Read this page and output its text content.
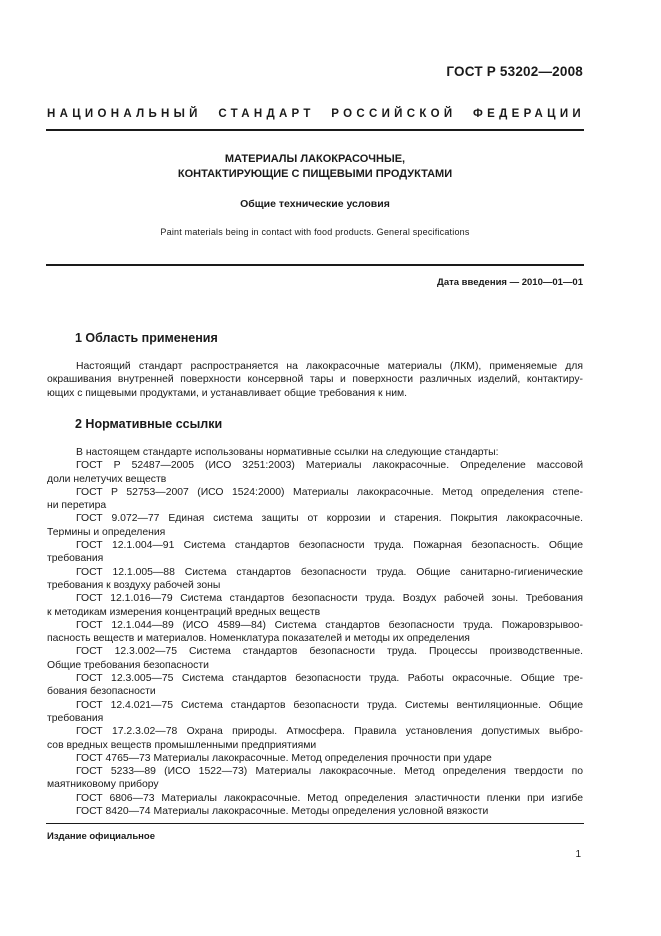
ГОСТ Р 53202—2008
НАЦИОНАЛЬНЫЙ СТАНДАРТ РОССИЙСКОЙ ФЕДЕРАЦИИ
МАТЕРИАЛЫ ЛАКОКРАСОЧНЫЕ,
КОНТАКТИРУЮЩИЕ С ПИЩЕВЫМИ ПРОДУКТАМИ
Общие технические условия
Paint materials being in contact with food products. General specifications
Дата введения — 2010—01—01
1 Область применения
Настоящий стандарт распространяется на лакокрасочные материалы (ЛКМ), применяемые для
окрашивания внутренней поверхности консервной тары и поверхности различных изделий, контактиру-
ющих с пищевыми продуктами, и устанавливает общие требования к ним.
2 Нормативные ссылки
В настоящем стандарте использованы нормативные ссылки на следующие стандарты:
ГОСТ Р 52487—2005 (ИСО 3251:2003) Материалы лакокрасочные. Определение массовой
доли нелетучих веществ
ГОСТ Р 52753—2007 (ИСО 1524:2000) Материалы лакокрасочные. Метод определения степе-
ни перетира
ГОСТ 9.072—77 Единая система защиты от коррозии и старения. Покрытия лакокрасочные.
Термины и определения
ГОСТ 12.1.004—91 Система стандартов безопасности труда. Пожарная безопасность. Общие
требования
ГОСТ 12.1.005—88 Система стандартов безопасности труда. Общие санитарно-гигиенические
требования к воздуху рабочей зоны
ГОСТ 12.1.016—79 Система стандартов безопасности труда. Воздух рабочей зоны. Требования
к методикам измерения концентраций вредных веществ
ГОСТ 12.1.044—89 (ИСО 4589—84) Система стандартов безопасности труда. Пожаровзрывоо-
пасность веществ и материалов. Номенклатура показателей и методы их определения
ГОСТ 12.3.002—75 Система стандартов безопасности труда. Процессы производственные.
Общие требования безопасности
ГОСТ 12.3.005—75 Система стандартов безопасности труда. Работы окрасочные. Общие тре-
бования безопасности
ГОСТ 12.4.021—75 Система стандартов безопасности труда. Системы вентиляционные. Общие
требования
ГОСТ 17.2.3.02—78 Охрана природы. Атмосфера. Правила установления допустимых выбро-
сов вредных веществ промышленными предприятиями
ГОСТ 4765—73 Материалы лакокрасочные. Метод определения прочности при ударе
ГОСТ 5233—89 (ИСО 1522—73) Материалы лакокрасочные. Метод определения твердости по
маятниковому прибору
ГОСТ 6806—73 Материалы лакокрасочные. Метод определения эластичности пленки при изгибе
ГОСТ 8420—74 Материалы лакокрасочные. Методы определения условной вязкости
Издание официальное
1
